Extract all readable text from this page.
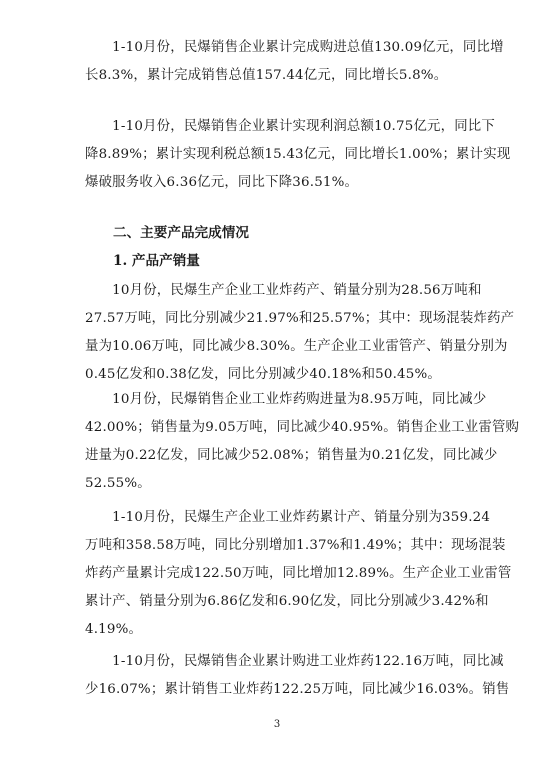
　　1-10月份，民爆销售企业累计完成购进总值130.09亿元，同比增
长8.3%，累计完成销售总值157.44亿元，同比增长5.8%。

　　1-10月份，民爆销售企业累计实现利润总额10.75亿元，同比下
降8.89%；累计实现利税总额15.43亿元，同比增长1.00%；累计实现
爆破服务收入6.36亿元，同比下降36.51%。

二、主要产品完成情况
1. 产品产销量

　　10月份，民爆生产企业工业炸药产、销量分别为28.56万吨和
27.57万吨，同比分别减少21.97%和25.57%；其中：现场混装炸药产
量为10.06万吨，同比减少8.30%。生产企业工业雷管产、销量分别为
0.45亿发和0.38亿发，同比分别减少40.18%和50.45%。

　　10月份，民爆销售企业工业炸药购进量为8.95万吨，同比减少
42.00%；销售量为9.05万吨，同比减少40.95%。销售企业工业雷管购
进量为0.22亿发，同比减少52.08%；销售量为0.21亿发，同比减少
52.55%。

　　1-10月份，民爆生产企业工业炸药累计产、销量分别为359.24
万吨和358.58万吨，同比分别增加1.37%和1.49%；其中：现场混装
炸药产量累计完成122.50万吨，同比增加12.89%。生产企业工业雷管
累计产、销量分别为6.86亿发和6.90亿发，同比分别减少3.42%和
4.19%。

　　1-10月份，民爆销售企业累计购进工业炸药122.16万吨，同比减
少16.07%；累计销售工业炸药122.25万吨，同比减少16.03%。销售

3
